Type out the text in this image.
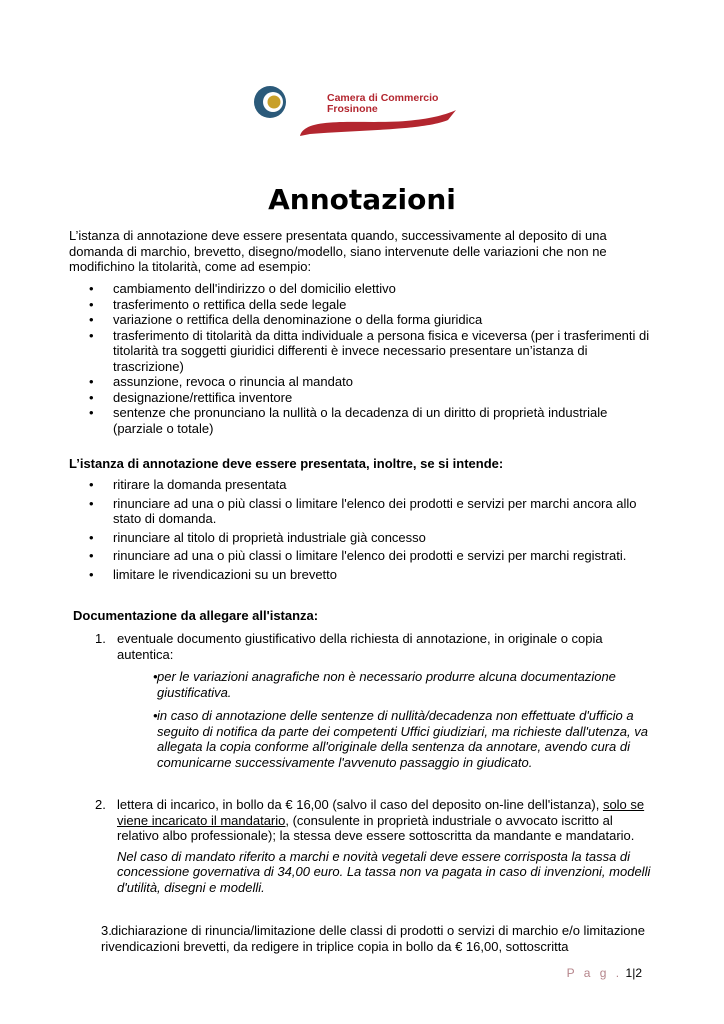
Camera di Commercio
Frosinone
Annotazioni

L’istanza di annotazione deve essere presentata quando, successivamente al deposito di una domanda di marchio, brevetto, disegno/modello, siano intervenute delle variazioni che non ne modifichino la titolarità, come ad esempio:

• cambiamento dell'indirizzo o del domicilio elettivo
• trasferimento o rettifica della sede legale
• variazione o rettifica della denominazione o della forma giuridica
• trasferimento di titolarità da ditta individuale a persona fisica e viceversa (per i trasferimenti di titolarità tra soggetti giuridici differenti è invece necessario presentare un’istanza di trascrizione)
• assunzione, revoca o rinuncia al mandato
• designazione/rettifica inventore
• sentenze che pronunciano la nullità o la decadenza di un diritto di proprietà industriale (parziale o totale)
L’istanza di annotazione deve essere presentata, inoltre, se si intende:
• ritirare la domanda presentata
• rinunciare ad una o più classi o limitare l'elenco dei prodotti e servizi per marchi ancora allo stato di domanda.
• rinunciare al titolo di proprietà industriale già concesso
• rinunciare ad una o più classi o limitare l'elenco dei prodotti e servizi per marchi registrati.
• limitare le rivendicazioni su un brevetto
Documentazione da allegare all'istanza:
1. eventuale documento giustificativo della richiesta di annotazione, in originale o copia autentica:

• per le variazioni anagrafiche non è necessario produrre alcuna documentazione giustificativa.
• in caso di annotazione delle sentenze di nullità/decadenza non effettuate d'ufficio a seguito di notifica da parte dei competenti Uffici giudiziari, ma richieste dall'utenza, va allegata la copia conforme all'originale della sentenza da annotare, avendo cura di comunicarne successivamente l'avvenuto passaggio in giudicato.
2. lettera di incarico, in bollo da € 16,00 (salvo il caso del deposito on-line dell'istanza), solo se viene incaricato il mandatario, (consulente in proprietà industriale o avvocato iscritto al relativo albo professionale); la stessa deve essere sottoscritta da mandante e mandatario.

Nel caso di mandato riferito a marchi e novità vegetali deve essere corrisposta la tassa di concessione governativa di 34,00 euro. La tassa non va pagata in caso di invenzioni, modelli d'utilità, disegni e modelli.

3. dichiarazione di rinuncia/limitazione delle classi di prodotti o servizi di marchio e/o limitazione rivendicazioni brevetti, da redigere in triplice copia in bollo da € 16,00, sottoscritta
P a g . 1|2
